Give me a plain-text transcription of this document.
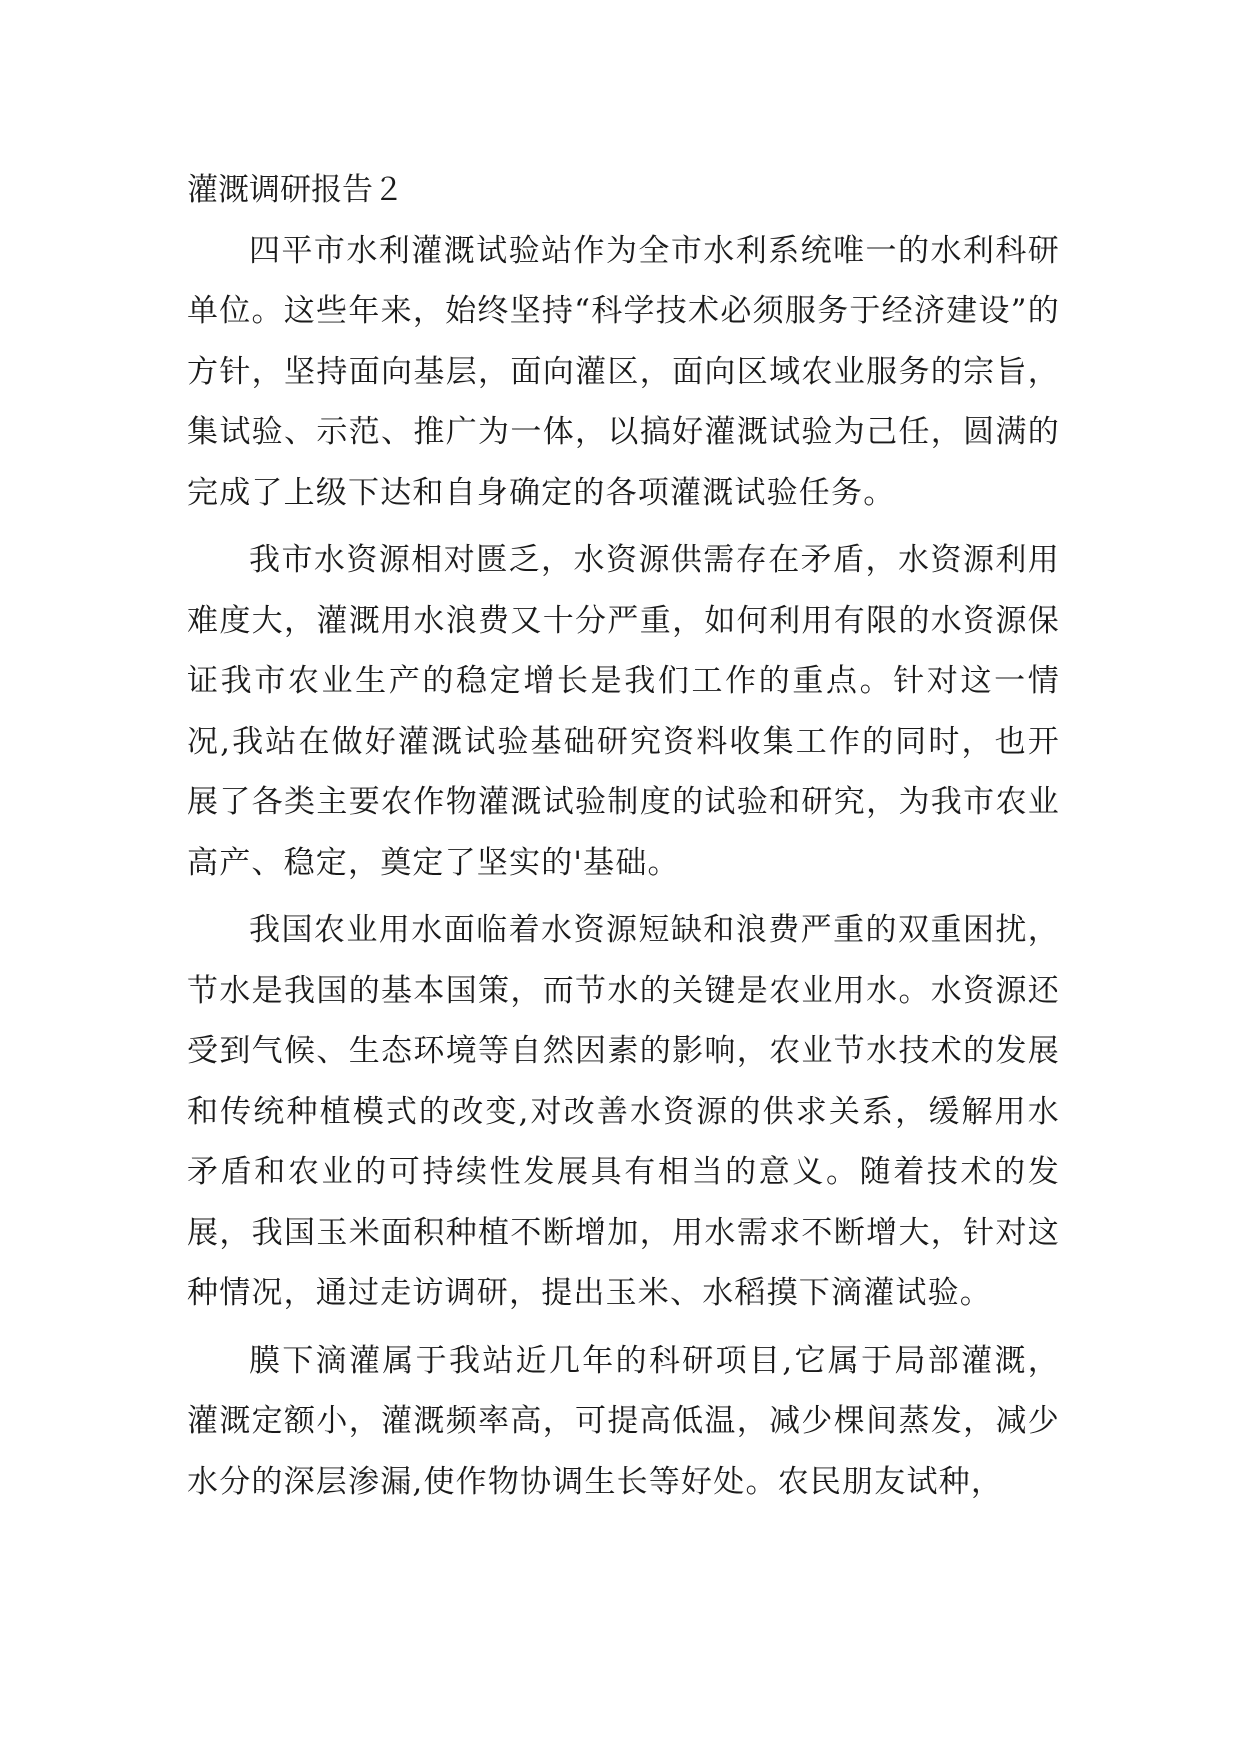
灌溉调研报告２

四平市水利灌溉试验站作为全市水利系统唯一的水利科研单位。这些年来，始终坚持“科学技术必须服务于经济建设”的方针，坚持面向基层，面向灌区，面向区域农业服务的宗旨，集试验、示范、推广为一体，以搞好灌溉试验为己任，圆满的完成了上级下达和自身确定的各项灌溉试验任务。

我市水资源相对匮乏，水资源供需存在矛盾，水资源利用难度大，灌溉用水浪费又十分严重，如何利用有限的水资源保证我市农业生产的稳定增长是我们工作的重点。针对这一情况,我站在做好灌溉试验基础研究资料收集工作的同时，也开展了各类主要农作物灌溉试验制度的试验和研究，为我市农业高产、稳定，奠定了坚实的'基础。

我国农业用水面临着水资源短缺和浪费严重的双重困扰，节水是我国的基本国策，而节水的关键是农业用水。水资源还受到气候、生态环境等自然因素的影响，农业节水技术的发展和传统种植模式的改变,对改善水资源的供求关系，缓解用水矛盾和农业的可持续性发展具有相当的意义。随着技术的发展，我国玉米面积种植不断增加，用水需求不断增大，针对这种情况，通过走访调研，提出玉米、水稻摸下滴灌试验。

膜下滴灌属于我站近几年的科研项目,它属于局部灌溉，灌溉定额小，灌溉频率高，可提高低温，减少棵间蒸发，减少水分的深层渗漏,使作物协调生长等好处。农民朋友试种，
